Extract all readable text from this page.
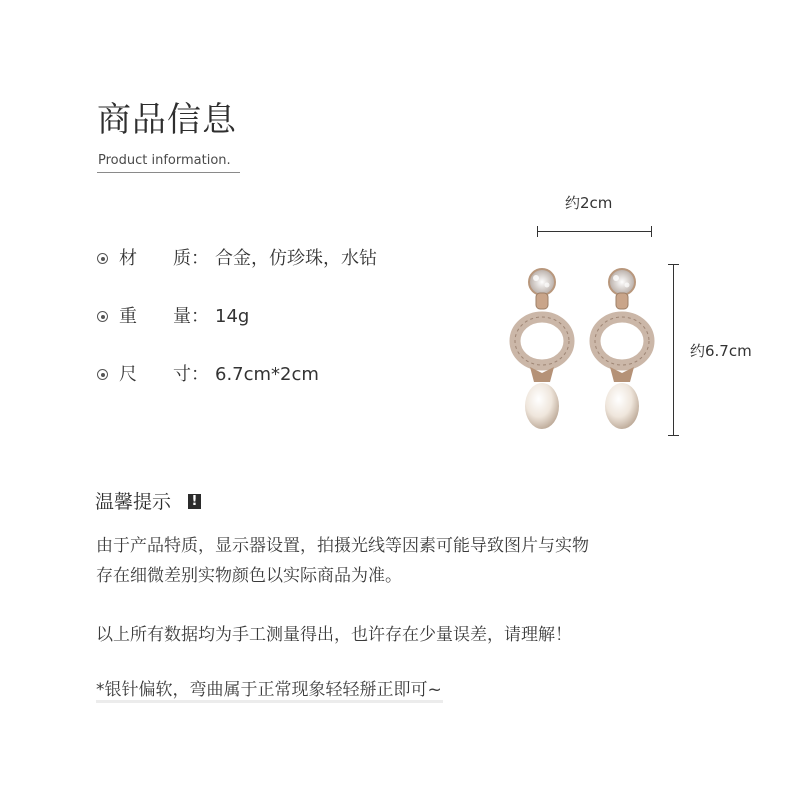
商品信息
Product information.
材　　质： 合金，仿珍珠，水钻
重　　量： 14g
尺　　寸： 6.7cm*2cm
约2cm
约6.7cm
温馨提示 !
由于产品特质，显示器设置，拍摄光线等因素可能导致图片与实物
存在细微差别实物颜色以实际商品为准。
以上所有数据均为手工测量得出，也许存在少量误差，请理解！
*银针偏软，弯曲属于正常现象轻轻掰正即可~
